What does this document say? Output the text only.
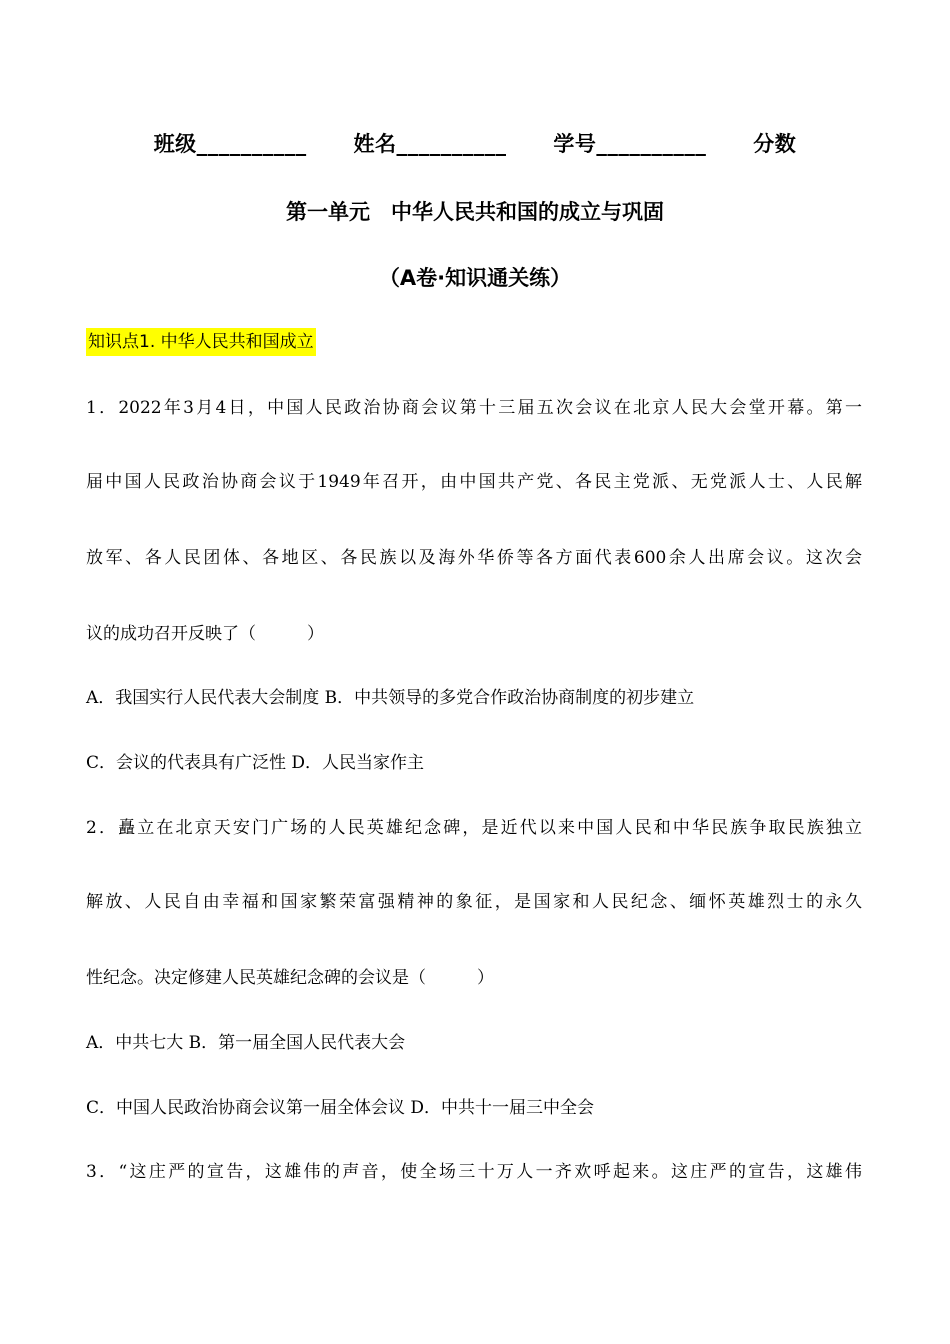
班级__________      姓名__________      学号__________      分数
第一单元　中华人民共和国的成立与巩固
（A卷·知识通关练）
知识点1. 中华人民共和国成立
1．2022年3月4日，中国人民政治协商会议第十三届五次会议在北京人民大会堂开幕。第一
届中国人民政治协商会议于1949年召开，由中国共产党、各民主党派、无党派人士、人民解
放军、各人民团体、各地区、各民族以及海外华侨等各方面代表600余人出席会议。这次会
议的成功召开反映了（　　　）
A．我国实行人民代表大会制度 B．中共领导的多党合作政治协商制度的初步建立
C．会议的代表具有广泛性 D．人民当家作主
2．矗立在北京天安门广场的人民英雄纪念碑，是近代以来中国人民和中华民族争取民族独立
解放、人民自由幸福和国家繁荣富强精神的象征，是国家和人民纪念、缅怀英雄烈士的永久
性纪念。决定修建人民英雄纪念碑的会议是（　　　）
A．中共七大 B．第一届全国人民代表大会
C．中国人民政治协商会议第一届全体会议 D．中共十一届三中全会
3．“这庄严的宣告，这雄伟的声音，使全场三十万人一齐欢呼起来。这庄严的宣告，这雄伟
